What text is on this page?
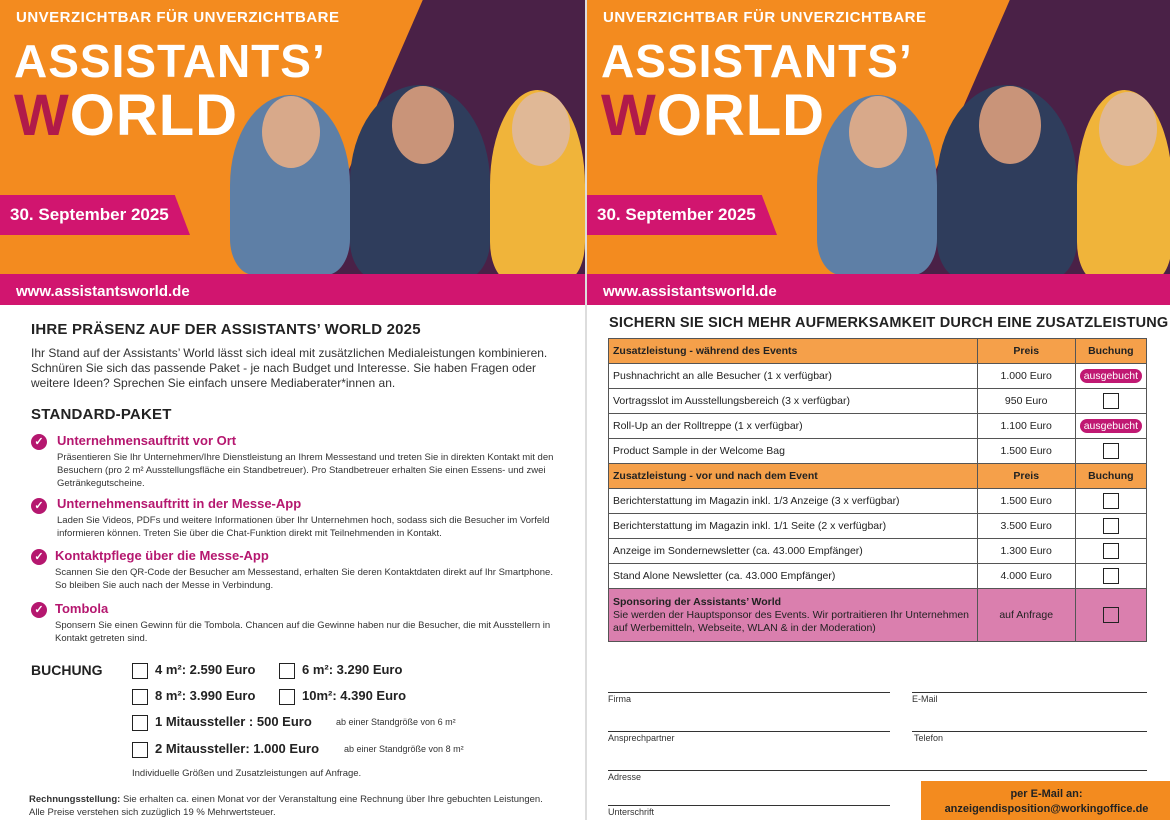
UNVERZICHTBAR FÜR UNVERZICHTBARE
ASSISTANTS’
WORLD
30. September 2025
www.assistantsworld.de
IHRE PRÄSENZ AUF DER ASSISTANTS’ WORLD 2025

Ihr Stand auf der Assistants’ World lässt sich ideal mit zusätzlichen Medialeistungen kombinieren. Schnüren Sie sich das passende Paket - je nach Budget und Interesse. Sie haben Fragen oder weitere Ideen? Sprechen Sie einfach unsere Mediaberater*innen an.

STANDARD-PAKET
✓ Unternehmensauftritt vor Ort

Präsentieren Sie Ihr Unternehmen/Ihre Dienstleistung an Ihrem Messestand und treten Sie in direkten Kontakt mit den Besuchern (pro 2 m² Ausstellungsfläche ein Standbetreuer). Pro Standbetreuer erhalten Sie einen Essens- und zwei Getränkegutscheine.

✓ Unternehmensauftritt in der Messe-App

Laden Sie Videos, PDFs und weitere Informationen über Ihr Unternehmen hoch, sodass sich die Besucher im Vorfeld informieren können. Treten Sie über die Chat-Funktion direkt mit Teilnehmenden in Kontakt.

✓ Kontaktpflege über die Messe-App

Scannen Sie den QR-Code der Besucher am Messestand, erhalten Sie deren Kontaktdaten direkt auf Ihr Smartphone. So bleiben Sie auch nach der Messe in Verbindung.

✓ Tombola

Sponsern Sie einen Gewinn für die Tombola. Chancen auf die Gewinne haben nur die Besucher, die mit Ausstellern in Kontakt getreten sind.

BUCHUNG	4 m²: 2.590 Euro	6 m²: 3.290 Euro
8 m²: 3.990 Euro	10m²: 4.390 Euro
1 Mitaussteller : 500 Euro	ab einer Standgröße von 6 m²
2 Mitaussteller: 1.000 Euro	ab einer Standgröße von 8 m²
Individuelle Größen und Zusatzleistungen auf Anfrage.
Rechnungsstellung: Sie erhalten ca. einen Monat vor der Veranstaltung eine Rechnung über Ihre gebuchten Leistungen. Alle Preise verstehen sich zuzüglich 19 % Mehrwertsteuer.
UNVERZICHTBAR FÜR UNVERZICHTBARE
ASSISTANTS’
WORLD
30. September 2025
www.assistantsworld.de
SICHERN SIE SICH MEHR AUFMERKSAMKEIT DURCH EINE ZUSATZLEISTUNG
Zusatzleistung - während des Events	Preis	Buchung
Pushnachricht an alle Besucher (1 x verfügbar)	1.000 Euro	ausgebucht
Vortragsslot im Ausstellungsbereich (3 x verfügbar)	950 Euro	
Roll-Up an der Rolltreppe (1 x verfügbar)	1.100 Euro	ausgebucht
Product Sample in der Welcome Bag	1.500 Euro	
Zusatzleistung - vor und nach dem Event	Preis	Buchung
Berichterstattung im Magazin inkl. 1/3 Anzeige (3 x verfügbar)	1.500 Euro	
Berichterstattung im Magazin inkl. 1/1 Seite (2 x verfügbar)	3.500 Euro	
Anzeige im Sondernewsletter (ca. 43.000 Empfänger)	1.300 Euro	
Stand Alone Newsletter (ca. 43.000 Empfänger)	4.000 Euro	
Sponsoring der Assistants’ World
Sie werden der Hauptsponsor des Events. Wir portraitieren Ihr Unternehmen auf Werbemitteln, Webseite, WLAN & in der Moderation)	auf Anfrage	
Firma	E-Mail
Ansprechpartner	Telefon
Adresse
Unterschrift
per E-Mail an:
anzeigendisposition@workingoffice.de
